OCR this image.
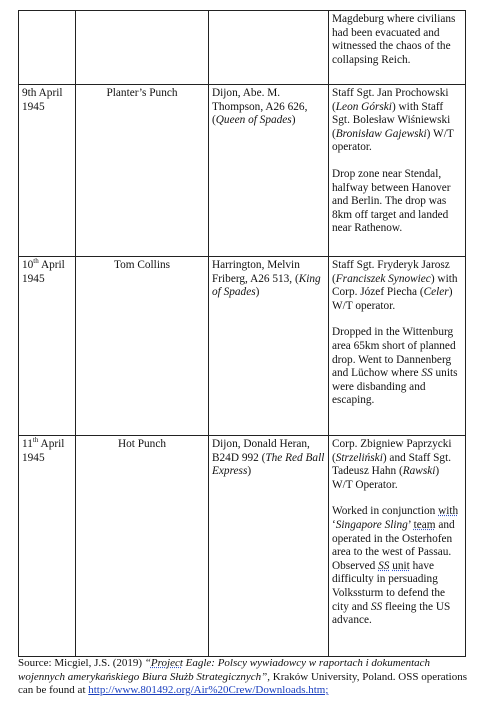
			Magdeburg where civilians had been evacuated and witnessed the chaos of the collapsing Reich.

9th April 1945	Planter’s Punch	Dijon, Abe. M. Thompson, A26 626, (Queen of Spades)	Staff Sgt. Jan Prochowski (Leon Górski) with Staff Sgt. Bolesław Wiśniewski (Bronisław Gajewski) W/T operator.

Drop zone near Stendal, halfway between Hanover and Berlin. The drop was 8km off target and landed near Rathenow.

10th April 1945	Tom Collins	Harrington, Melvin Friberg, A26 513, (King of Spades)	Staff Sgt. Fryderyk Jarosz (Franciszek Synowiec) with Corp. Józef Piecha (Celer) W/T operator.

Dropped in the Wittenburg area 65km short of planned drop. Went to Dannenberg and Lüchow where SS units were disbanding and escaping.

11th April 1945	Hot Punch	Dijon, Donald Heran, B24D 992 (The Red Ball Express)	Corp. Zbigniew Paprzycki (Strzeliński) and Staff Sgt. Tadeusz Hahn (Rawski) W/T Operator.

Worked in conjunction with ‘Singapore Sling’ team and operated in the Osterhofen area to the west of Passau. Observed SS unit have difficulty in persuading Volkssturm to defend the city and SS fleeing the US advance.

Source: Micgiel, J.S. (2019) “Project Eagle: Polscy wywiadowcy w raportach i dokumentach wojennych amerykańskiego Biura Służb Strategicznych”, Kraków University, Poland. OSS operations can be found at http://www.801492.org/Air%20Crew/Downloads.htm;
